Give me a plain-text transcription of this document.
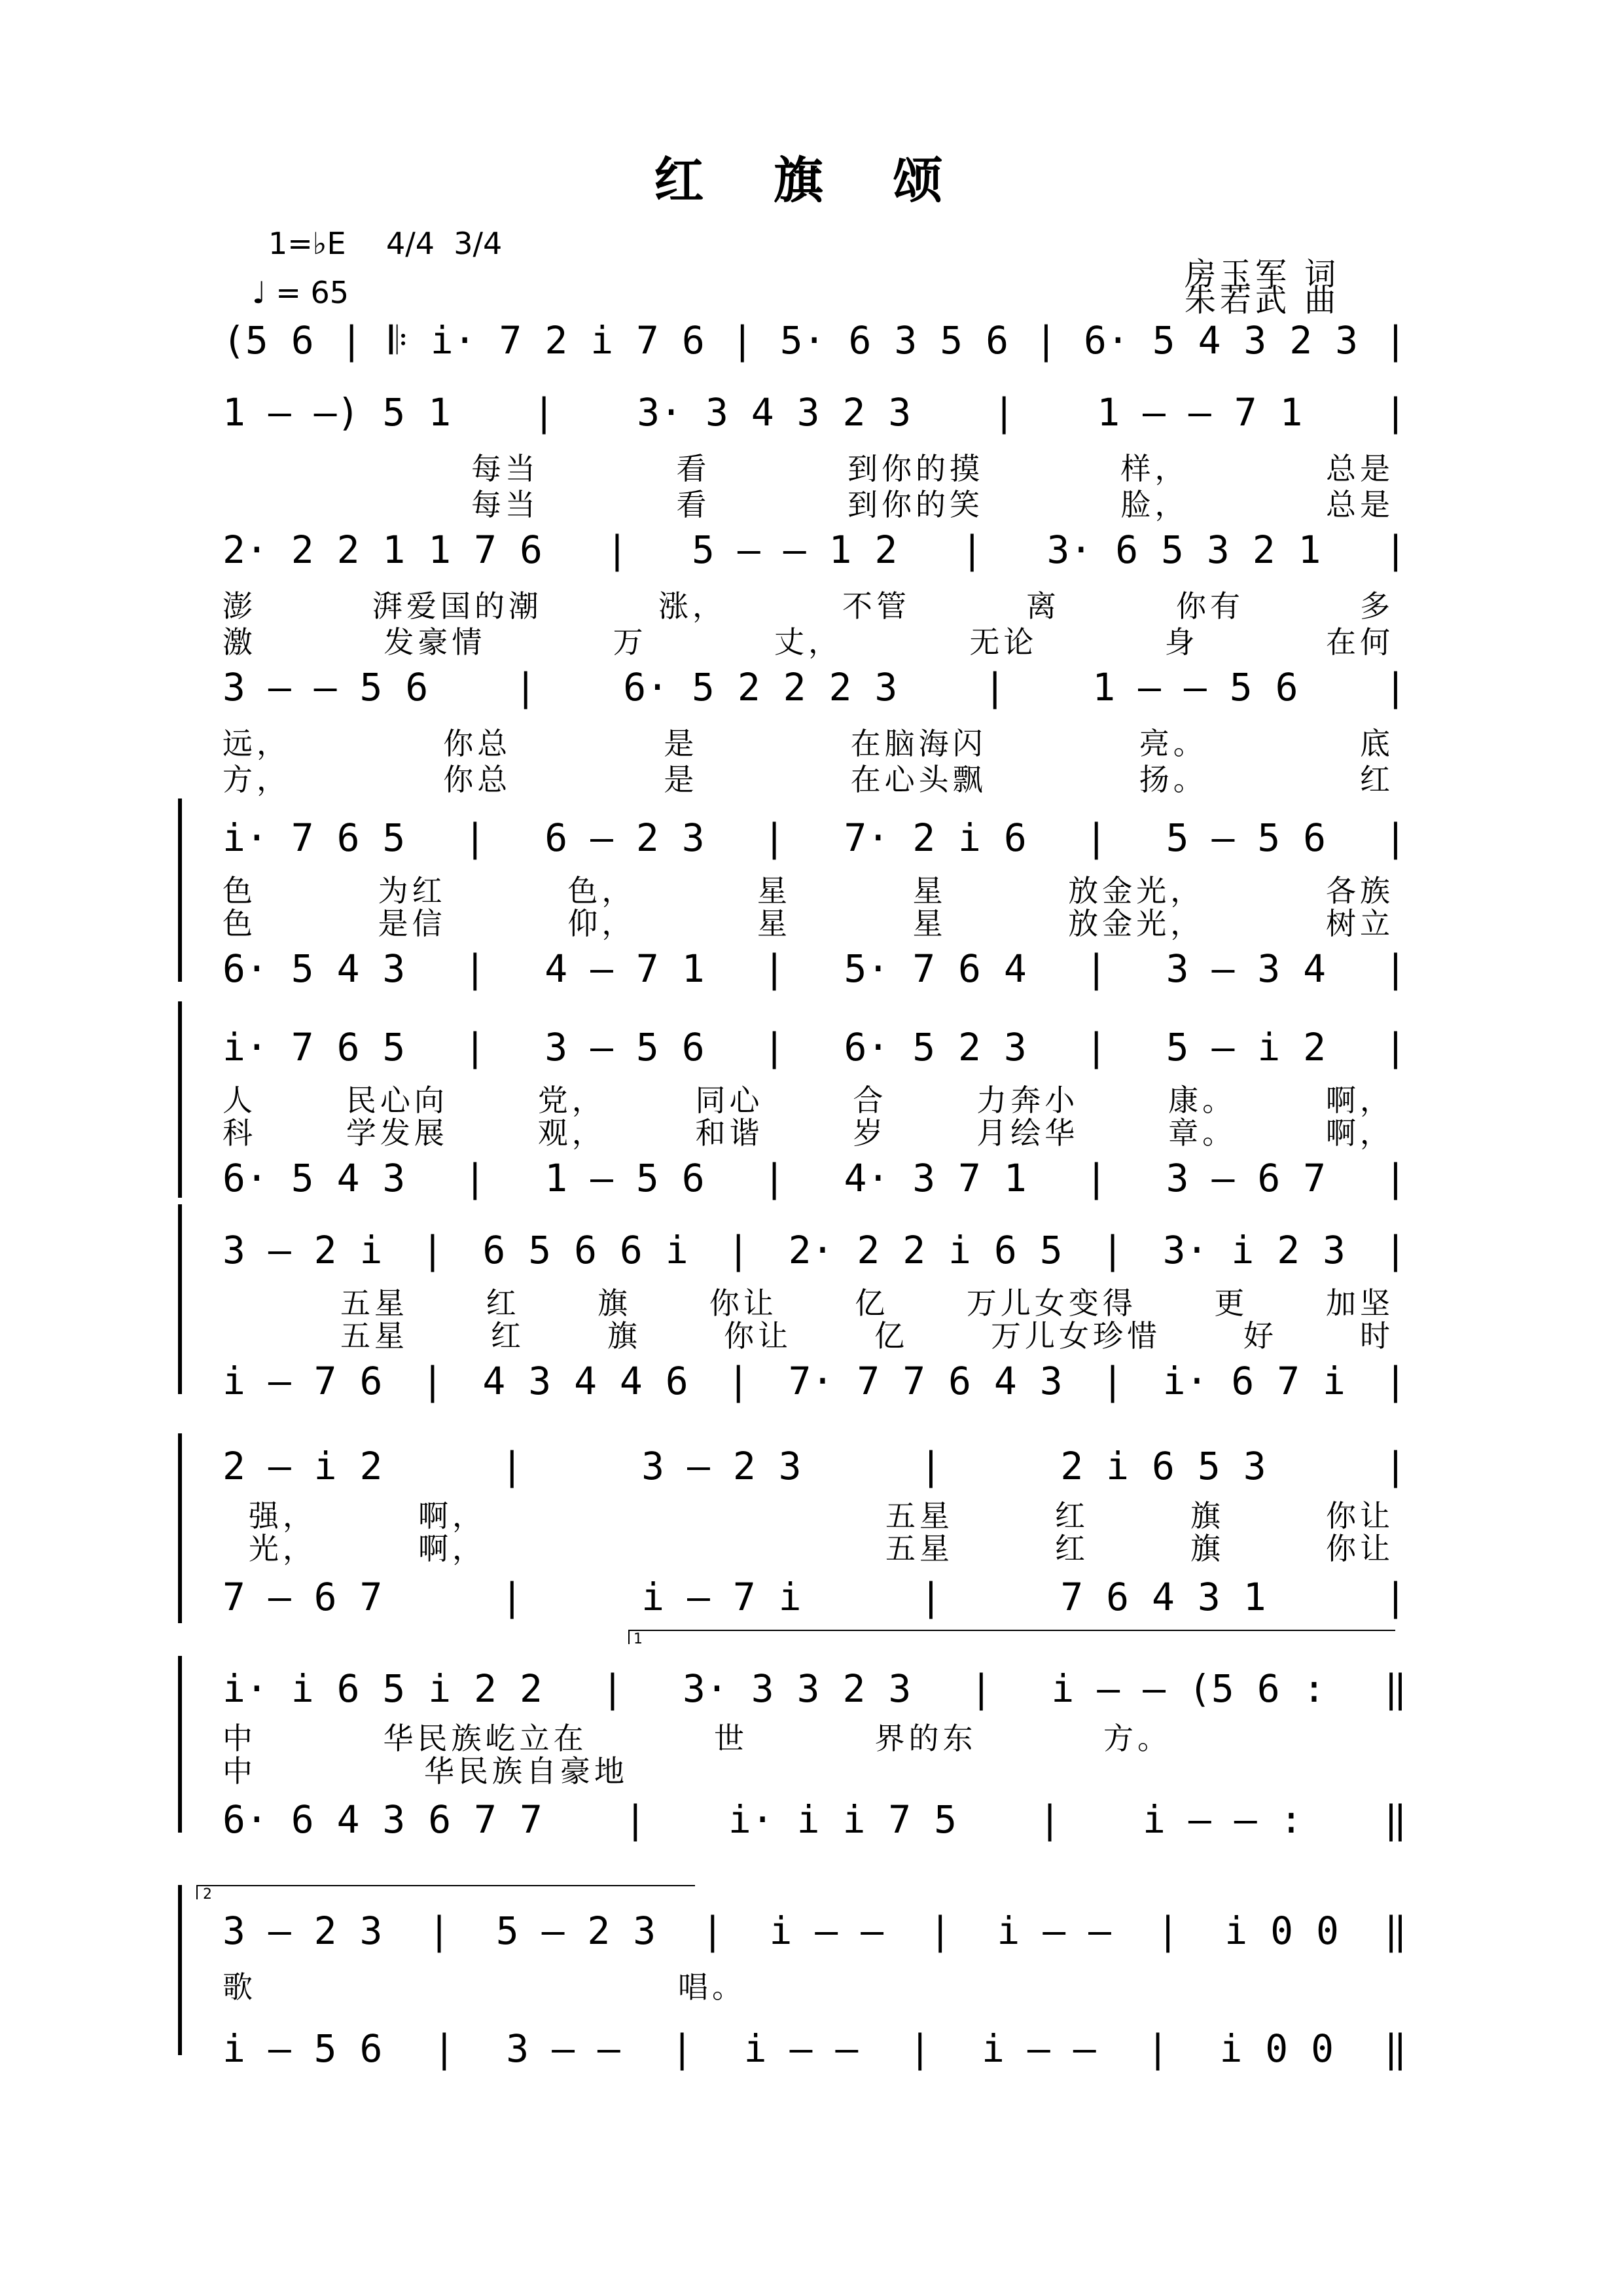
红 旗 颂
1=♭E 4/4  3/4
♩ = 65	房玉军 词
朱若武 曲
1
2
(5 6 | 𝄆 i· 7 2 i 7 6 | 5· 6 3 5 6 | 6· 5 4 3 2 3 |
1 — —) 5 1 | 3· 3 4 3 2 3 | 1 — — 7 1 |
每当	看	到你的摸	样，	总是
每当	看	到你的笑	脸，	总是
2· 2 2 1 1 7 6 | 5 — — 1 2 | 3· 6 5 3 2 1 |
澎	湃爱国的潮	涨，	不管	离	你有	多
激	发豪情	万	丈，	无论	身	在何
3 — — 5 6 | 6· 5 2 2 2 3 | 1 — — 5 6 |
远，	你总	是	在脑海闪	亮。	底
方，	你总	是	在心头飘	扬。	红
i· 7 6 5 | 6 — 2 3 | 7· 2 i 6 | 5 — 5 6 |
色	为红	色，	星	星	放金光，	各族
色	是信	仰，	星	星	放金光，	树立
6· 5 4 3 | 4 — 7 1 | 5· 7 6 4 | 3 — 3 4 |
i· 7 6 5 | 3 — 5 6 | 6· 5 2 3 | 5 — i 2 |
人	民心向	党，	同心	合	力奔小	康。	啊，
科	学发展	观，	和谐	岁	月绘华	章。	啊，
6· 5 4 3 | 1 — 5 6 | 4· 3 7 1 | 3 — 6 7 |
3 — 2 i | 6 5 6 6 i | 2· 2 2 i 6 5 | 3· i 2 3 |
五星	红	旗	你让	亿	万儿女变得	更	加坚
五星	红	旗	你让	亿	万儿女珍惜	好	时
i — 7 6 | 4 3 4 4 6 | 7· 7 7 6 4 3 | i· 6 7 i |
2 — i 2	|	3 — 2 3	|	2 i 6 5 3	|
强，	啊，	五星	红	旗	你让
光，	啊，	五星	红	旗	你让
7 — 6 7	|	i — 7 i	|	7 6 4 3 1	|
i· i 6 5 i 2 2 | 3· 3 3 2 3 | i — — (5 6 : ‖
中	华民族屹立在	世	界的东	方。
中	华民族自豪地
6· 6 4 3 6 7 7 | i· i i 7 5 | i — — : ‖
3 — 2 3 | 5 — 2 3 | i — — | i — — | i 0 0 ‖
歌	唱。
i — 5 6 | 3 — — | i — — | i — — | i 0 0 ‖
